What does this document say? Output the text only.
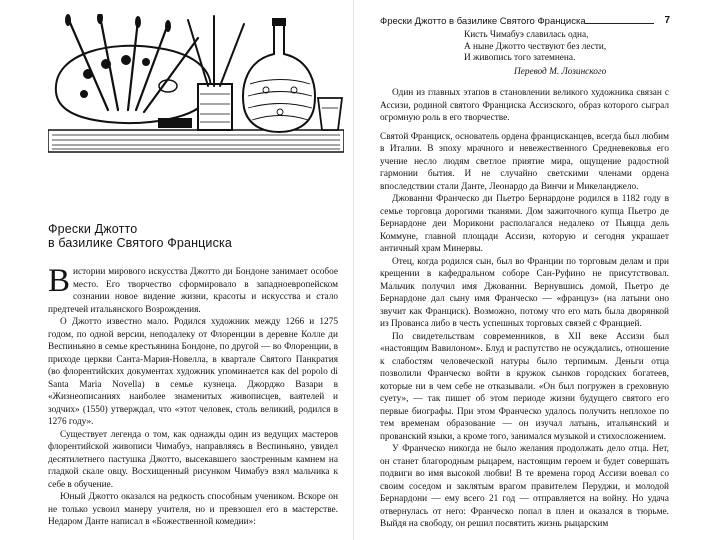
Фрески Джотто
в базилике Святого Франциска

Вистории мирового искусства Джотто ди Бондоне занимает особое место. Его творчество сформировало в западноевропейском сознании новое видение жизни, красоты и искусства и стало предтечей итальянского Возрождения.

О Джотто известно мало. Родился художник между 1266 и 1275 годом, по одной версии, неподалеку от Флоренции в деревне Колле ди Веспиньяно в семье крестьянина Бондоне, по другой — во Флоренции, в приходе церкви Санта-Мария-Новелла, в квартале Святого Панкратия (во флорентийских документах художник упоминается как del popolo di Santa Maria Novella) в семье кузнеца. Джорджо Вазари в «Жизнеописаниях наиболее знаменитых живописцев, ваятелей и зодчих» (1550) утверждал, что «этот человек, столь великий, родился в 1276 году».

Существует легенда о том, как однажды один из ведущих мастеров флорентийской живописи Чимабуэ, направляясь в Веспиньяно, увидел десятилетнего пастушка Джотто, высекавшего заостренным камнем на гладкой скале овцу. Восхищенный рисунком Чимабуэ взял мальчика к себе в обучение.

Юный Джотто оказался на редкость способным учеником. Вскоре он не только усвоил манеру учителя, но и превзошел его в мастерстве. Недаром Данте написал в «Божественной комедии»:

Фрески Джотто в базилике Святого Франциска	7
Кисть Чимабуэ славилась одна,
А ныне Джотто чествуют без лести,
И живопись того затемнена.
Перевод М. Лозинского

Один из главных этапов в становлении великого художника связан с Ассизи, родиной святого Франциска Ассизского, образ которого сыграл огромную роль в его творчестве.

Святой Франциск, основатель ордена францисканцев, всегда был любим в Италии. В эпоху мрачного и невежественного Средневековья его учение несло людям светлое приятие мира, ощущение радостной гармонии бытия. И не случайно светскими членами ордена впоследствии стали Данте, Леонардо да Винчи и Микеланджело.

Джованни Франческо ди Пьетро Бернардоне родился в 1182 году в семье торговца дорогими тканями. Дом зажиточного купца Пьетро де Бернардоне деи Морикони располагался недалеко от Пьяцца дель Коммуне, главной площади Ассизи, которую и сегодня украшает античный храм Минервы.

Отец, когда родился сын, был во Франции по торговым делам и при крещении в кафедральном соборе Сан-Руфино не присутствовал. Мальчик получил имя Джованни. Вернувшись домой, Пьетро де Бернардоне дал сыну имя Франческо — «француз» (на латыни оно звучит как Франциск). Возможно, потому что его мать была дворянкой из Прованса либо в честь успешных торговых связей с Францией.

По свидетельствам современников, в XII веке Ассизи был «настоящим Вавилоном». Блуд и распутство не осуждались, отношение к слабостям человеческой натуры было терпимым. Деньги отца позволили Франческо войти в кружок сынков городских богатеев, которые ни в чем себе не отказывали. «Он был погружен в греховную суету», — так пишет об этом периоде жизни будущего святого его первые биографы. При этом Франческо удалось получить неплохое по тем временам образование — он изучал латынь, итальянский и прованский языки, а кроме того, занимался музыкой и стихосложением.

У Франческо никогда не было желания продолжать дело отца. Нет, он станет благородным рыцарем, настоящим героем и будет совершать подвиги во имя высокой любви! В те времена город Ассизи воевал со своим соседом и заклятым врагом правителем Перуджи, и молодой Бернардони — ему всего 21 год — отправляется на войну. Но удача отвернулась от него: Франческо попал в плен и оказался в тюрьме. Выйдя на свободу, он решил посвятить жизнь рыцарским
